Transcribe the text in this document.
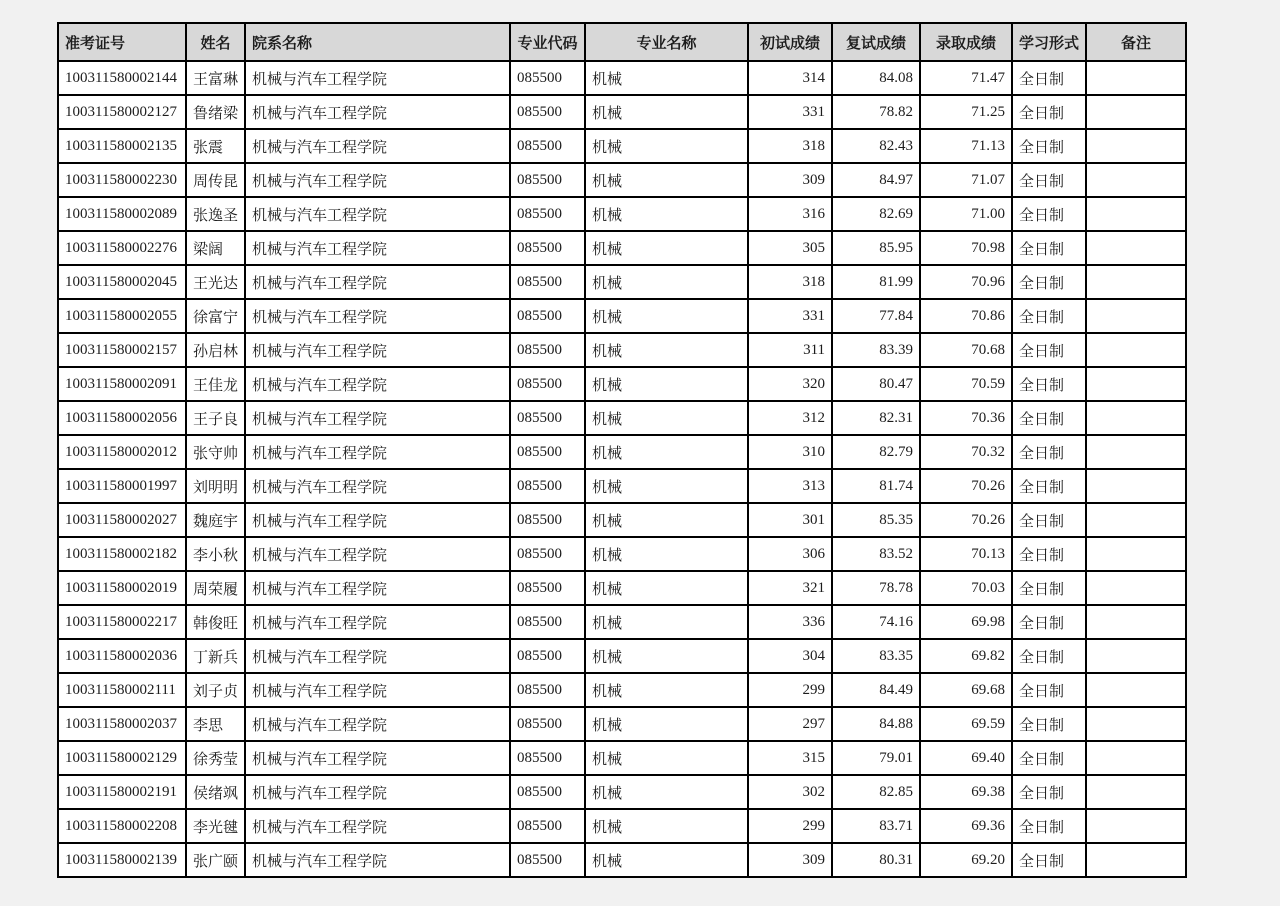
准考证号	姓名	院系名称	专业代码	专业名称	初试成绩	复试成绩	录取成绩	学习形式	备注
100311580002144	王富琳	机械与汽车工程学院	085500	机械	314	84.08	71.47	全日制	
100311580002127	鲁绪梁	机械与汽车工程学院	085500	机械	331	78.82	71.25	全日制	
100311580002135	张震	机械与汽车工程学院	085500	机械	318	82.43	71.13	全日制	
100311580002230	周传昆	机械与汽车工程学院	085500	机械	309	84.97	71.07	全日制	
100311580002089	张逸圣	机械与汽车工程学院	085500	机械	316	82.69	71.00	全日制	
100311580002276	梁阔	机械与汽车工程学院	085500	机械	305	85.95	70.98	全日制	
100311580002045	王光达	机械与汽车工程学院	085500	机械	318	81.99	70.96	全日制	
100311580002055	徐富宁	机械与汽车工程学院	085500	机械	331	77.84	70.86	全日制	
100311580002157	孙启林	机械与汽车工程学院	085500	机械	311	83.39	70.68	全日制	
100311580002091	王佳龙	机械与汽车工程学院	085500	机械	320	80.47	70.59	全日制	
100311580002056	王子良	机械与汽车工程学院	085500	机械	312	82.31	70.36	全日制	
100311580002012	张守帅	机械与汽车工程学院	085500	机械	310	82.79	70.32	全日制	
100311580001997	刘明明	机械与汽车工程学院	085500	机械	313	81.74	70.26	全日制	
100311580002027	魏庭宇	机械与汽车工程学院	085500	机械	301	85.35	70.26	全日制	
100311580002182	李小秋	机械与汽车工程学院	085500	机械	306	83.52	70.13	全日制	
100311580002019	周荣履	机械与汽车工程学院	085500	机械	321	78.78	70.03	全日制	
100311580002217	韩俊旺	机械与汽车工程学院	085500	机械	336	74.16	69.98	全日制	
100311580002036	丁新兵	机械与汽车工程学院	085500	机械	304	83.35	69.82	全日制	
100311580002111	刘子贞	机械与汽车工程学院	085500	机械	299	84.49	69.68	全日制	
100311580002037	李思	机械与汽车工程学院	085500	机械	297	84.88	69.59	全日制	
100311580002129	徐秀莹	机械与汽车工程学院	085500	机械	315	79.01	69.40	全日制	
100311580002191	侯绪飒	机械与汽车工程学院	085500	机械	302	82.85	69.38	全日制	
100311580002208	李光毽	机械与汽车工程学院	085500	机械	299	83.71	69.36	全日制	
100311580002139	张广颐	机械与汽车工程学院	085500	机械	309	80.31	69.20	全日制	
